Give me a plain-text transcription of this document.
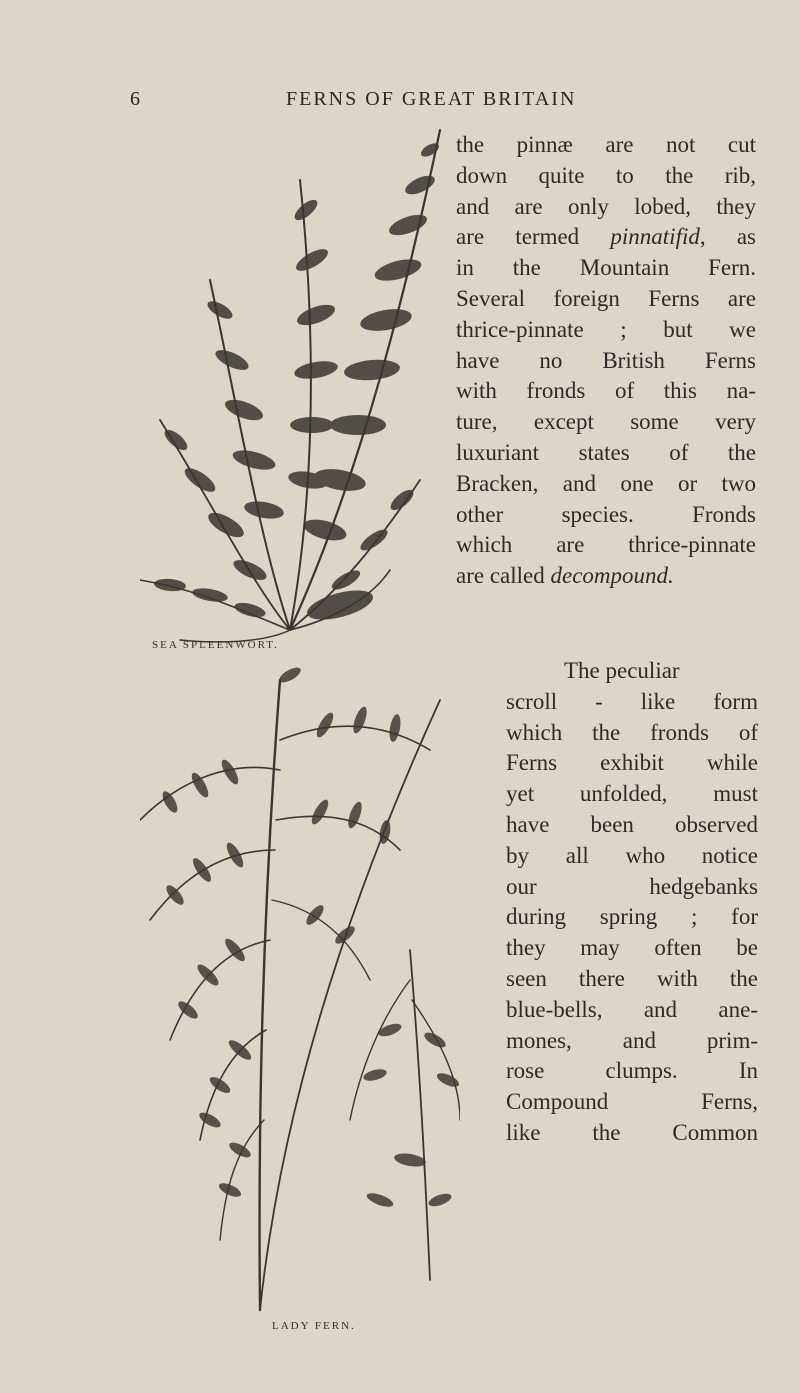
6	FERNS OF GREAT BRITAIN
SEA SPLEENWORT.
LADY FERN.
the pinnæ are not cut
down quite to the rib,
and are only lobed, they
are termed pinnatifid, as
in the Mountain Fern.
Several foreign Ferns are
thrice-pinnate ; but we
have no British Ferns
with fronds of this na-
ture, except some very
luxuriant states of the
Bracken, and one or two
other species. Fronds
which are thrice-pinnate
are called decompound.
The peculiar
scroll - like form
which the fronds of
Ferns exhibit while
yet unfolded, must
have been observed
by all who notice
our hedgebanks
during spring ; for
they may often be
seen there with the
blue-bells, and ane-
mones, and prim-
rose clumps. In
Compound Ferns,
like the Common
